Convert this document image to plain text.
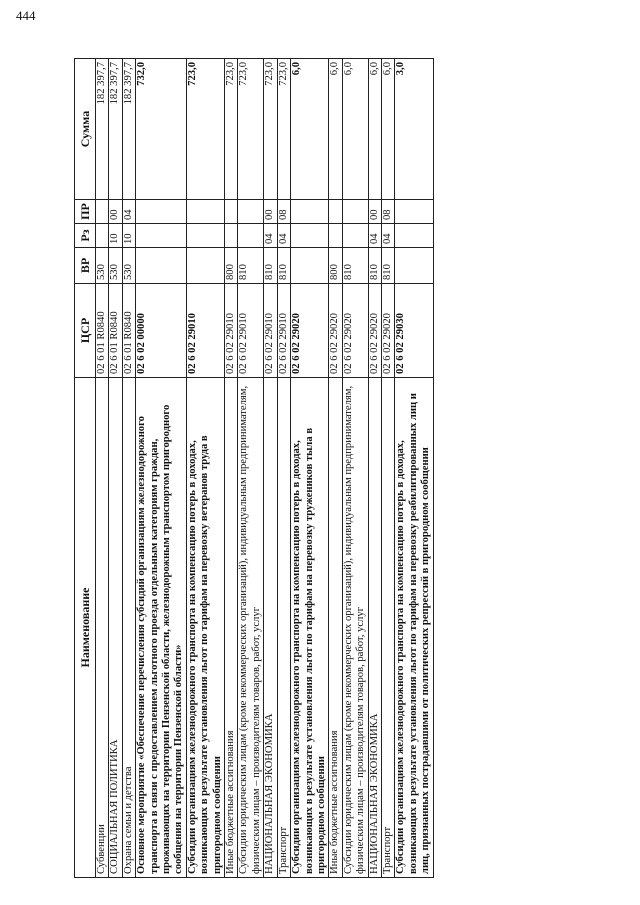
444
Наименование	ЦСР	ВР	Рз	ПР	Сумма
Субвенции	02 6 01 R0840	530			182 397,7
СОЦИАЛЬНАЯ ПОЛИТИКА	02 6 01 R0840	530	10	00	182 397,7
Охрана семьи и детства	02 6 01 R0840	530	10	04	182 397,7
Основное мероприятие «Обеспечение перечисления субсидий организациям железнодорожного транспорта в связи с предоставлением льготного проезда отдельным категориям граждан, проживающих на территории Пензенской области, железнодорожным транспортом пригородного сообщения на территории Пензенской области»	02 6 02 00000				732,0
Субсидии организациям железнодорожного транспорта на компенсацию потерь в доходах, возникающих в результате установления льгот по тарифам на перевозку ветеранов труда в пригородном сообщении	02 6 02 29010				723,0
Иные бюджетные ассигнования	02 6 02 29010	800			723,0
Субсидии юридическим лицам (кроме некоммерческих организаций), индивидуальным предпринимателям, физическим лицам – производителям товаров, работ, услуг	02 6 02 29010	810			723,0
НАЦИОНАЛЬНАЯ ЭКОНОМИКА	02 6 02 29010	810	04	00	723,0
Транспорт	02 6 02 29010	810	04	08	723,0
Субсидии организациям железнодорожного транспорта на компенсацию потерь в доходах, возникающих в результате установления льгот по тарифам на перевозку тружеников тыла в пригородном сообщении	02 6 02 29020				6,0
Иные бюджетные ассигнования	02 6 02 29020	800			6,0
Субсидии юридическим лицам (кроме некоммерческих организаций), индивидуальным предпринимателям, физическим лицам – производителям товаров, работ, услуг	02 6 02 29020	810			6,0
НАЦИОНАЛЬНАЯ ЭКОНОМИКА	02 6 02 29020	810	04	00	6,0
Транспорт	02 6 02 29020	810	04	08	6,0
Субсидии организациям железнодорожного транспорта на компенсацию потерь в доходах, возникающих в результате установления льгот по тарифам на перевозку реабилитированных лиц и лиц, признанных пострадавшими от политических репрессий в пригородном сообщении	02 6 02 29030				3,0
